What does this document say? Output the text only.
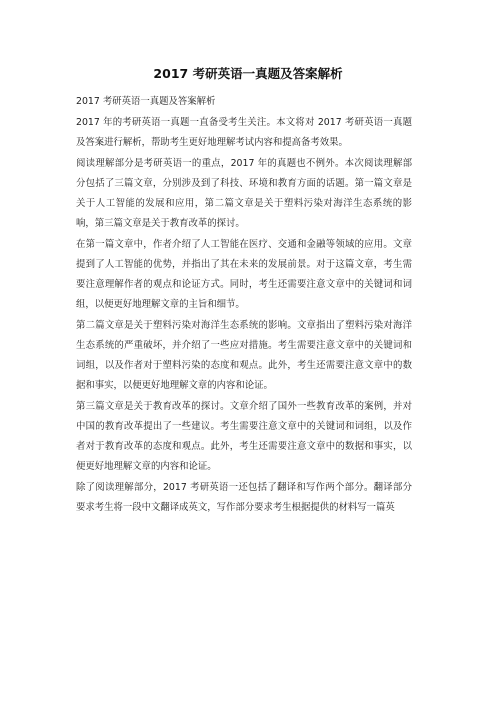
2017 考研英语一真题及答案解析

2017 考研英语一真题及答案解析

2017 年的考研英语一真题一直备受考生关注。本文将对 2017 考研英语一真题及答案进行解析，帮助考生更好地理解考试内容和提高备考效果。

阅读理解部分是考研英语一的重点，2017 年的真题也不例外。本次阅读理解部分包括了三篇文章，分别涉及到了科技、环境和教育方面的话题。第一篇文章是关于人工智能的发展和应用，第二篇文章是关于塑料污染对海洋生态系统的影响，第三篇文章是关于教育改革的探讨。

在第一篇文章中，作者介绍了人工智能在医疗、交通和金融等领域的应用。文章提到了人工智能的优势，并指出了其在未来的发展前景。对于这篇文章，考生需要注意理解作者的观点和论证方式。同时，考生还需要注意文章中的关键词和词组，以便更好地理解文章的主旨和细节。

第二篇文章是关于塑料污染对海洋生态系统的影响。文章指出了塑料污染对海洋生态系统的严重破坏，并介绍了一些应对措施。考生需要注意文章中的关键词和词组，以及作者对于塑料污染的态度和观点。此外，考生还需要注意文章中的数据和事实，以便更好地理解文章的内容和论证。

第三篇文章是关于教育改革的探讨。文章介绍了国外一些教育改革的案例，并对中国的教育改革提出了一些建议。考生需要注意文章中的关键词和词组，以及作者对于教育改革的态度和观点。此外，考生还需要注意文章中的数据和事实，以便更好地理解文章的内容和论证。

除了阅读理解部分，2017 考研英语一还包括了翻译和写作两个部分。翻译部分要求考生将一段中文翻译成英文，写作部分要求考生根据提供的材料写一篇英
